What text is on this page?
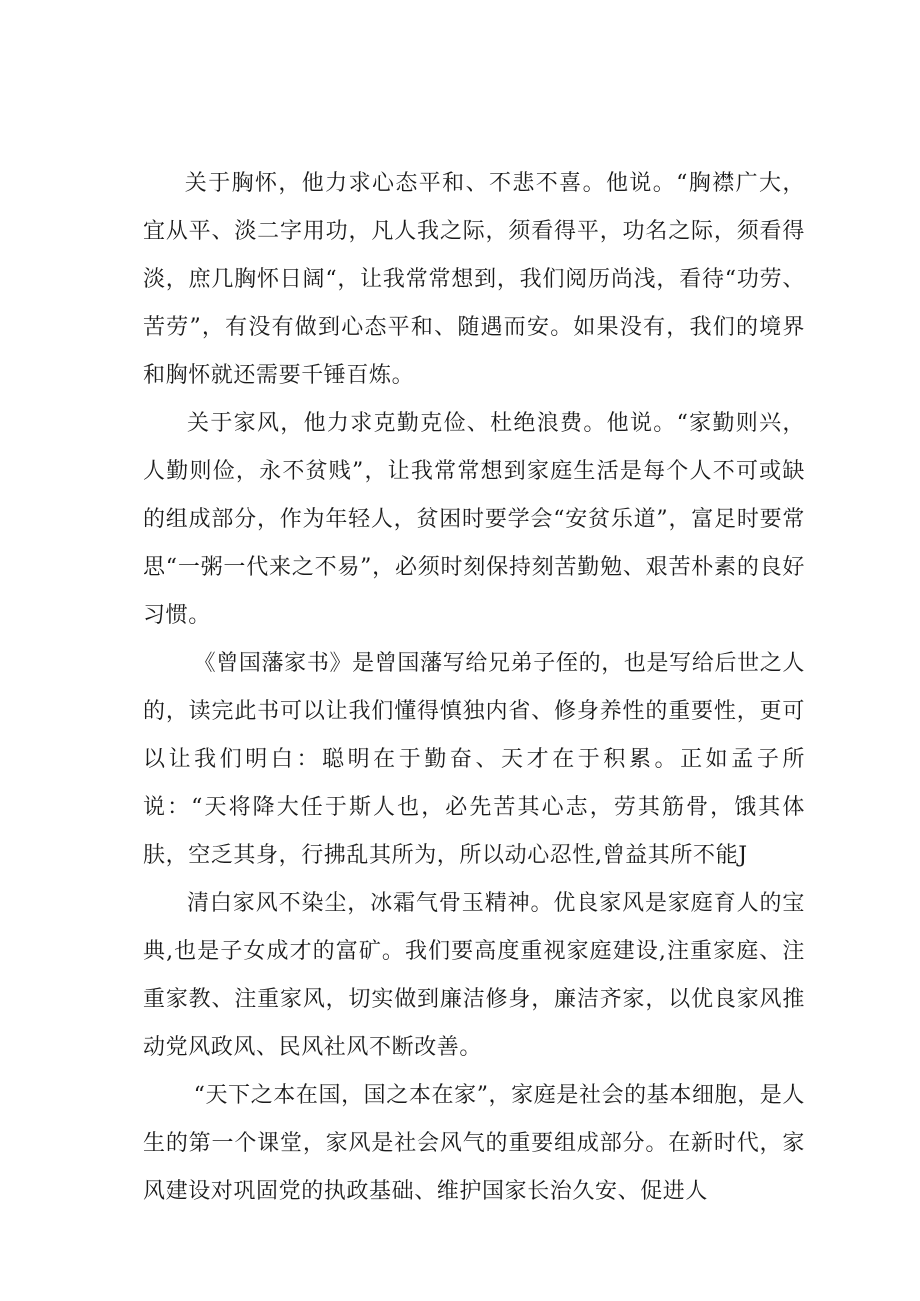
关于胸怀，他力求心态平和、不悲不喜。他说。“胸襟广大，宜从平、淡二字用功，凡人我之际，须看得平，功名之际，须看得淡，庶几胸怀日阔“，让我常常想到，我们阅历尚浅，看待“功劳、苦劳”，有没有做到心态平和、随遇而安。如果没有，我们的境界和胸怀就还需要千锤百炼。

关于家风，他力求克勤克俭、杜绝浪费。他说。“家勤则兴，人勤则俭，永不贫贱”，让我常常想到家庭生活是每个人不可或缺的组成部分，作为年轻人，贫困时要学会“安贫乐道”，富足时要常思“一粥一代来之不易”，必须时刻保持刻苦勤勉、艰苦朴素的良好习惯。

《曾国藩家书》是曾国藩写给兄弟子侄的，也是写给后世之人的，读完此书可以让我们懂得慎独内省、修身养性的重要性，更可以让我们明白：聪明在于勤奋、天才在于积累。正如孟子所说：“天将降大任于斯人也，必先苦其心志，劳其筋骨，饿其体肤，空乏其身，行拂乱其所为，所以动心忍性,曾益其所不能J

清白家风不染尘，冰霜气骨玉精神。优良家风是家庭育人的宝典,也是子女成才的富矿。我们要高度重视家庭建设,注重家庭、注重家教、注重家风，切实做到廉洁修身，廉洁齐家，以优良家风推动党风政风、民风社风不断改善。

“天下之本在国，国之本在家”，家庭是社会的基本细胞，是人生的第一个课堂，家风是社会风气的重要组成部分。在新时代，家风建设对巩固党的执政基础、维护国家长治久安、促进人
